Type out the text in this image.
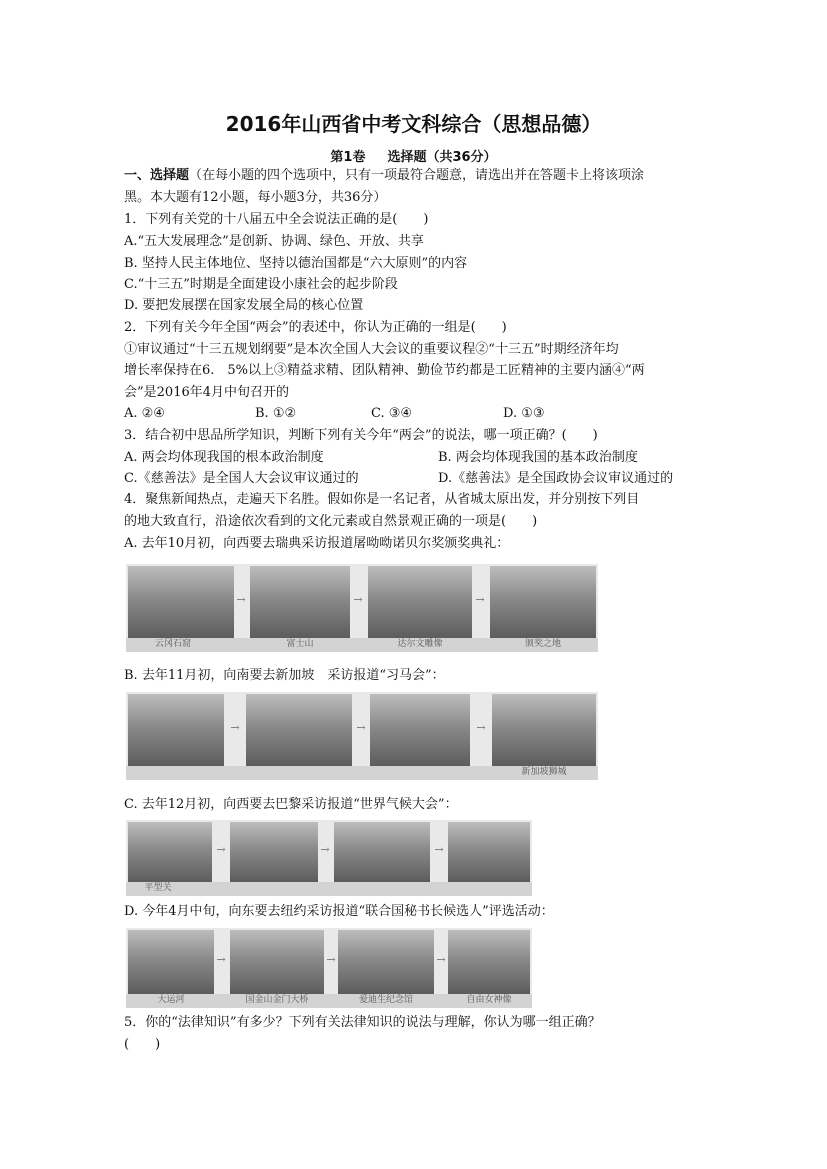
2016年山西省中考文科综合（思想品德）
第1卷 选择题（共36分）
一、选择题（在每小题的四个选项中，只有一项最符合题意，请选出并在答题卡上将该项涂
黑。本大题有12小题，每小题3分，共36分）
1．下列有关党的十八届五中全会说法正确的是(　　)
A.“五大发展理念”是创新、协调、绿色、开放、共享
B. 坚持人民主体地位、坚持以德治国都是“六大原则”的内容
C.“十三五”时期是全面建设小康社会的起步阶段
D. 要把发展摆在国家发展全局的核心位置
2．下列有关今年全国“两会”的表述中，你认为正确的一组是(　　)
①审议通过“十三五规划纲要”是本次全国人大会议的重要议程②“十三五”时期经济年均
增长率保持在6.　5%以上③精益求精、团队精神、勤俭节约都是工匠精神的主要内涵④“两
会”是2016年4月中旬召开的
A. ②④	B. ①②	C. ③④	D. ①③
3．结合初中思品所学知识，判断下列有关今年“两会”的说法，哪一项正确？(　　)
A. 两会均体现我国的根本政治制度	B. 两会均体现我国的基本政治制度
C.《慈善法》是全国人大会议审议通过的	D.《慈善法》是全国政协会议审议通过的
4．聚焦新闻热点，走遍天下名胜。假如你是一名记者，从省城太原出发，并分别按下列目
的地大致直行，沿途依次看到的文化元素或自然景观正确的一项是(　　)
A. 去年10月初，向西要去瑞典采访报道屠呦呦诺贝尔奖颁奖典礼：
→	→	→
云冈石窟	富士山	达尔文雕像	颁奖之地
B. 去年11月初，向南要去新加坡　采访报道“习马会”：
→	→	→
新加坡狮城
C. 去年12月初，向西要去巴黎采访报道“世界气候大会”：
→	→	→
平型关
D. 今年4月中旬，向东要去纽约采访报道“联合国秘书长候选人”评选活动：
→	→	→
大运河	国金山金门大桥	爱迪生纪念馆	自由女神像
5．你的“法律知识”有多少？下列有关法律知识的说法与理解，你认为哪一组正确？
(　　)
